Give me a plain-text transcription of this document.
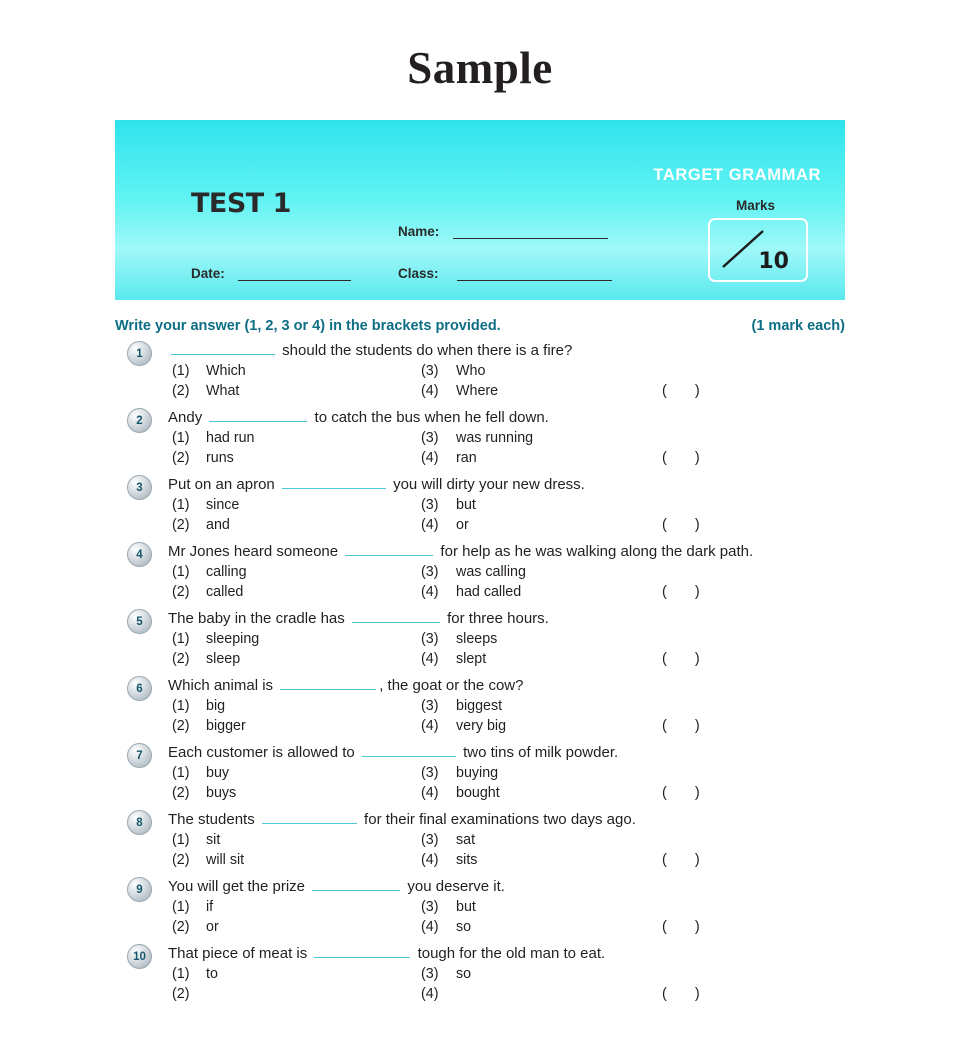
Sample
TARGET GRAMMAR
TEST 1
Name:
Date:	Class:
Marks
10
Write your answer (1, 2, 3 or 4) in the brackets provided.	(1 mark each)
1	should the students do when there is a fire?
(1) Which	(3) Who
(2) What	(4) Where	( )
2	Andy	to catch the bus when he fell down.
(1) had run	(3) was running
(2) runs	(4) ran	( )
3	Put on an apron	you will dirty your new dress.
(1) since	(3) but
(2) and	(4) or	( )
4	Mr Jones heard someone	for help as he was walking along the dark path.
(1) calling	(3) was calling
(2) called	(4) had called	( )
5	The baby in the cradle has	for three hours.
(1) sleeping	(3) sleeps
(2) sleep	(4) slept	( )
6	Which animal is	, the goat or the cow?
(1) big	(3) biggest
(2) bigger	(4) very big	( )
7	Each customer is allowed to	two tins of milk powder.
(1) buy	(3) buying
(2) buys	(4) bought	( )
8	The students	for their final examinations two days ago.
(1) sit	(3) sat
(2) will sit	(4) sits	( )
9	You will get the prize	you deserve it.
(1) if	(3) but
(2) or	(4) so	( )
10	That piece of meat is	tough for the old man to eat.
(1) to	(3) so
(2)	(4)	( )
